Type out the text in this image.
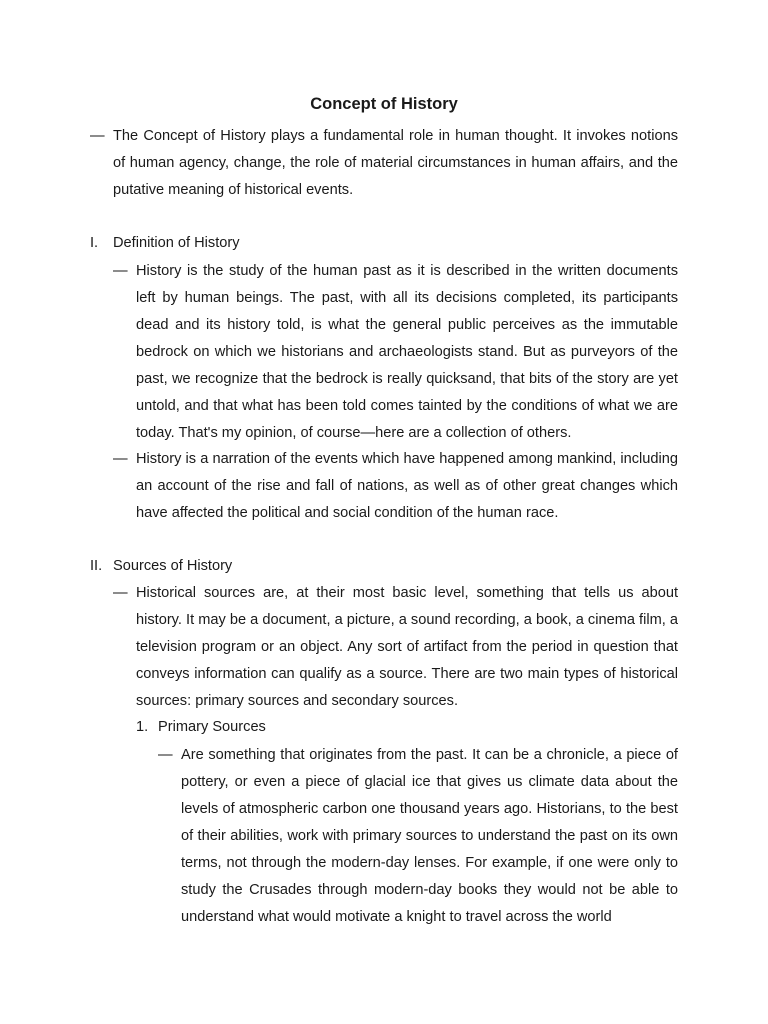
Concept of History
— The Concept of History plays a fundamental role in human thought. It invokes notions of human agency, change, the role of material circumstances in human affairs, and the putative meaning of historical events.
I. Definition of History
— History is the study of the human past as it is described in the written documents left by human beings. The past, with all its decisions completed, its participants dead and its history told, is what the general public perceives as the immutable bedrock on which we historians and archaeologists stand. But as purveyors of the past, we recognize that the bedrock is really quicksand, that bits of the story are yet untold, and that what has been told comes tainted by the conditions of what we are today. That's my opinion, of course—here are a collection of others.
— History is a narration of the events which have happened among mankind, including an account of the rise and fall of nations, as well as of other great changes which have affected the political and social condition of the human race.
II. Sources of History
— Historical sources are, at their most basic level, something that tells us about history. It may be a document, a picture, a sound recording, a book, a cinema film, a television program or an object. Any sort of artifact from the period in question that conveys information can qualify as a source. There are two main types of historical sources: primary sources and secondary sources.
1. Primary Sources
— Are something that originates from the past. It can be a chronicle, a piece of pottery, or even a piece of glacial ice that gives us climate data about the levels of atmospheric carbon one thousand years ago. Historians, to the best of their abilities, work with primary sources to understand the past on its own terms, not through the modern-day lenses. For example, if one were only to study the Crusades through modern-day books they would not be able to understand what would motivate a knight to travel across the world
